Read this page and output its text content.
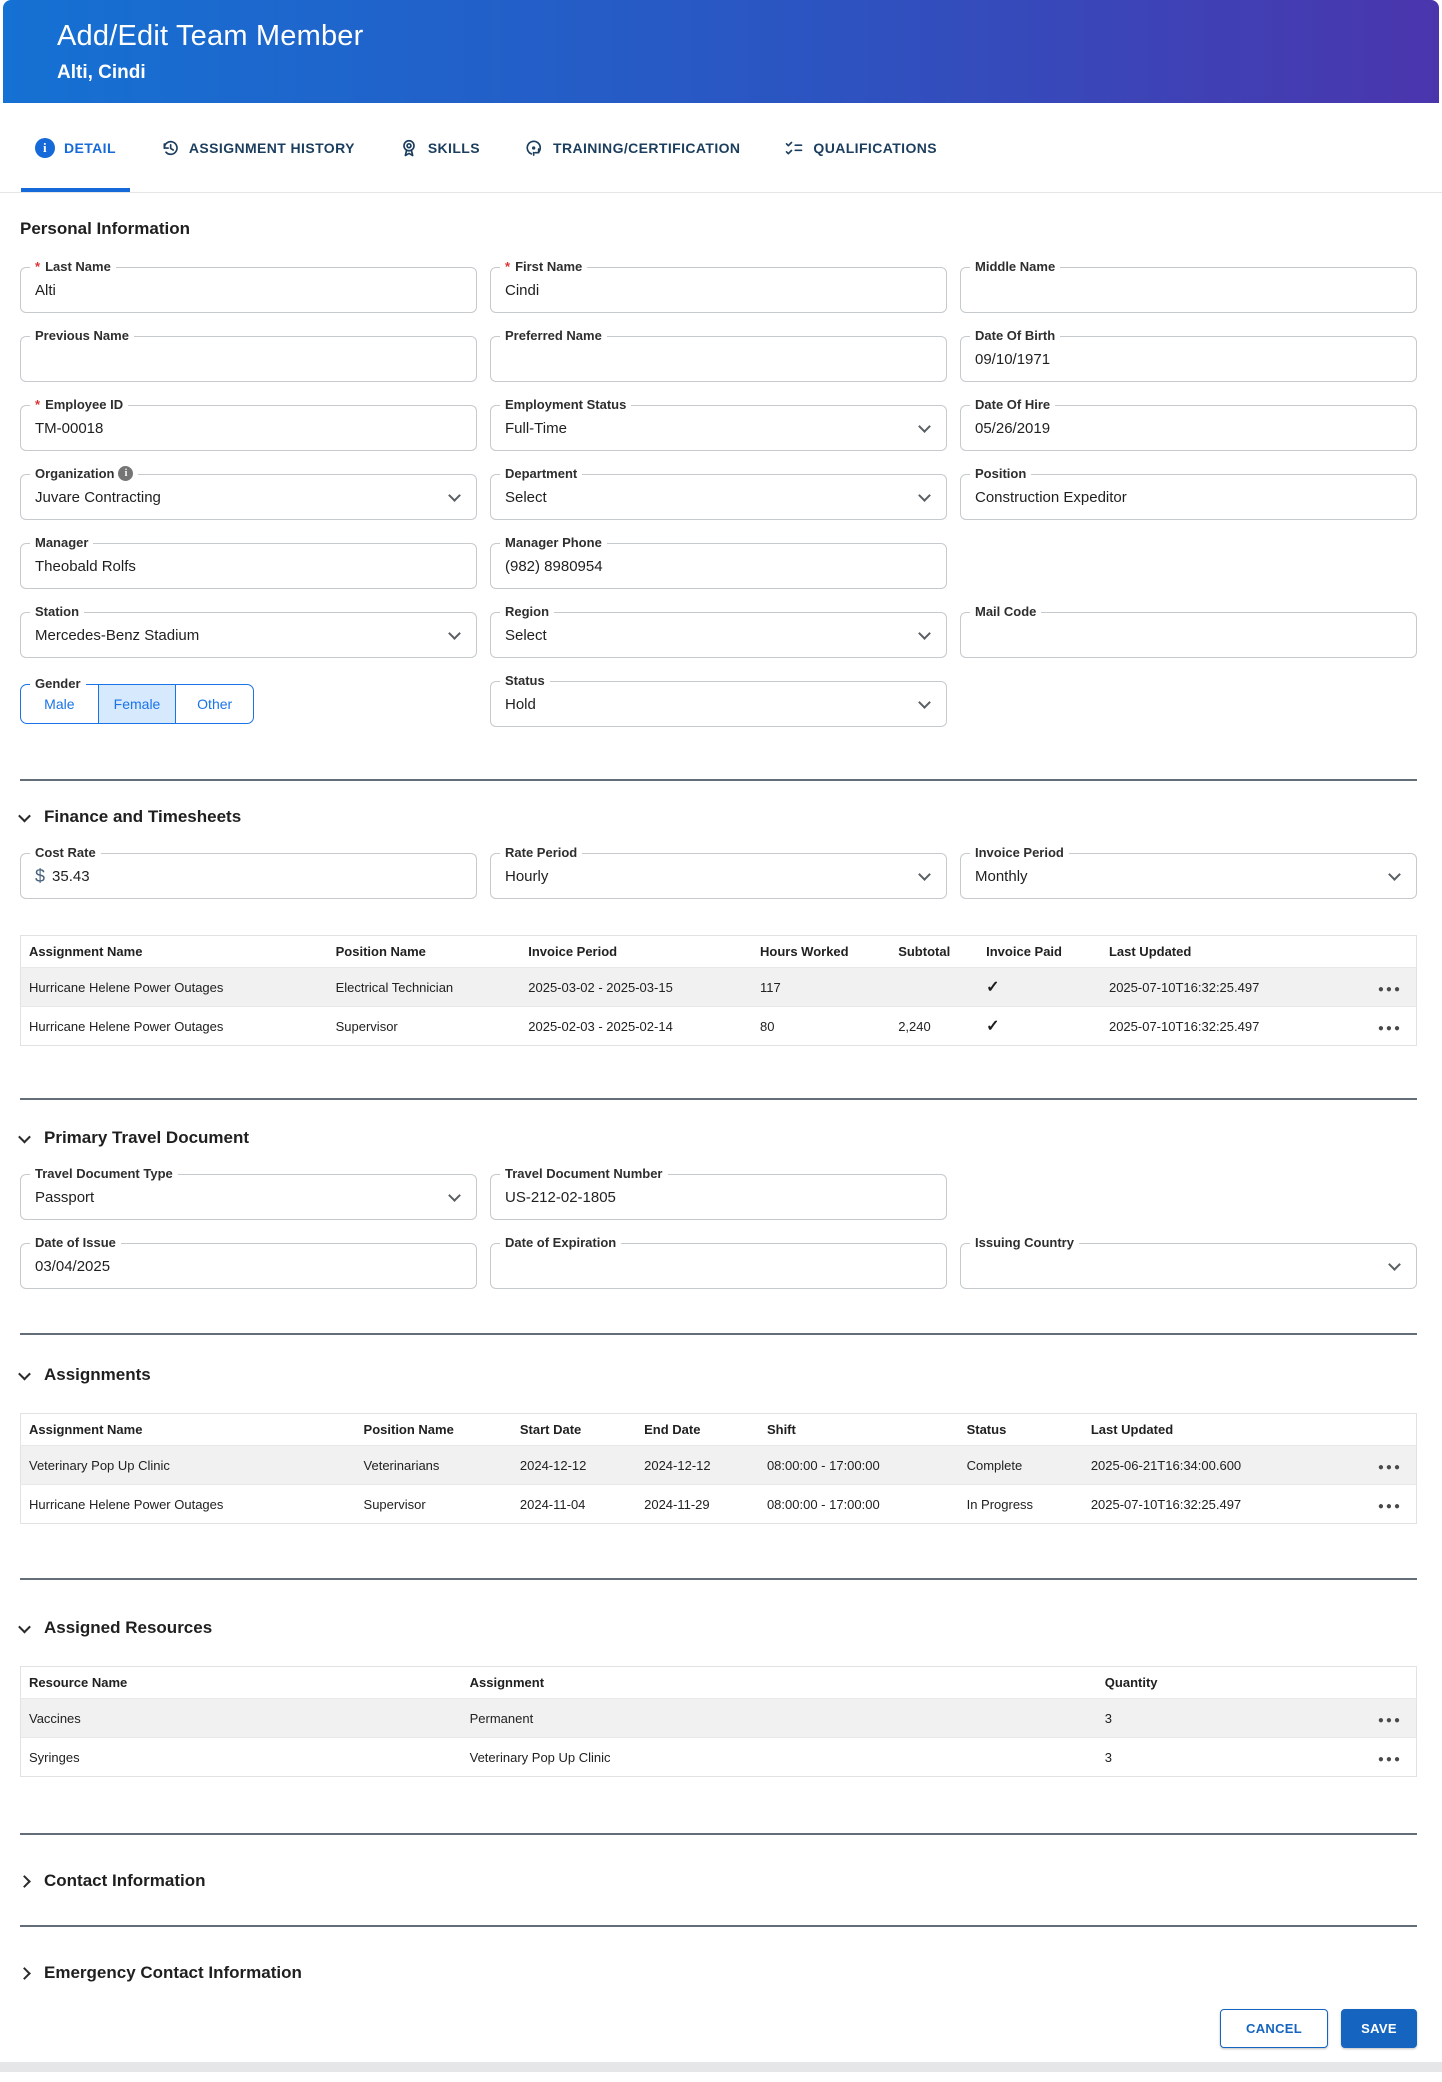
Add/Edit Team Member
Alti, Cindi
i	DETAIL	ASSIGNMENT HISTORY	SKILLS	TRAINING/CERTIFICATION	QUALIFICATIONS
Personal Information
* Last Name
Alti
* First Name
Cindi
Middle Name
Previous Name	Preferred Name	Date Of Birth
09/10/1971
* Employee ID
TM-00018
Employment Status
Full-Time
Date Of Hire
05/26/2019
Organization	i
Juvare Contracting
Department
Select
Position
Construction Expeditor
Manager
Theobald Rolfs
Manager Phone
(982) 8980954
Station
Mercedes-Benz Stadium
Region
Select
Mail Code
Gender
Male	Female	Other
Status
Hold
Finance and Timesheets
Cost Rate
$ 35.43
Rate Period
Hourly
Invoice Period
Monthly
Assignment Name	Position Name	Invoice Period	Hours Worked	Subtotal	Invoice Paid	Last Updated	
Hurricane Helene Power Outages	Electrical Technician	2025-03-02 - 2025-03-15	117		✓	2025-07-10T16:32:25.497	●●●
Hurricane Helene Power Outages	Supervisor	2025-02-03 - 2025-02-14	80	2,240	✓	2025-07-10T16:32:25.497	●●●
Primary Travel Document
Travel Document Type
Passport
Travel Document Number
US-212-02-1805
Date of Issue
03/04/2025
Date of Expiration	Issuing Country
Assignments
Assignment Name	Position Name	Start Date	End Date	Shift	Status	Last Updated	
Veterinary Pop Up Clinic	Veterinarians	2024-12-12	2024-12-12	08:00:00 - 17:00:00	Complete	2025-06-21T16:34:00.600	●●●
Hurricane Helene Power Outages	Supervisor	2024-11-04	2024-11-29	08:00:00 - 17:00:00	In Progress	2025-07-10T16:32:25.497	●●●
Assigned Resources
Resource Name	Assignment	Quantity	
Vaccines	Permanent	3	●●●
Syringes	Veterinary Pop Up Clinic	3	●●●
Contact Information
Emergency Contact Information
CANCEL	SAVE
